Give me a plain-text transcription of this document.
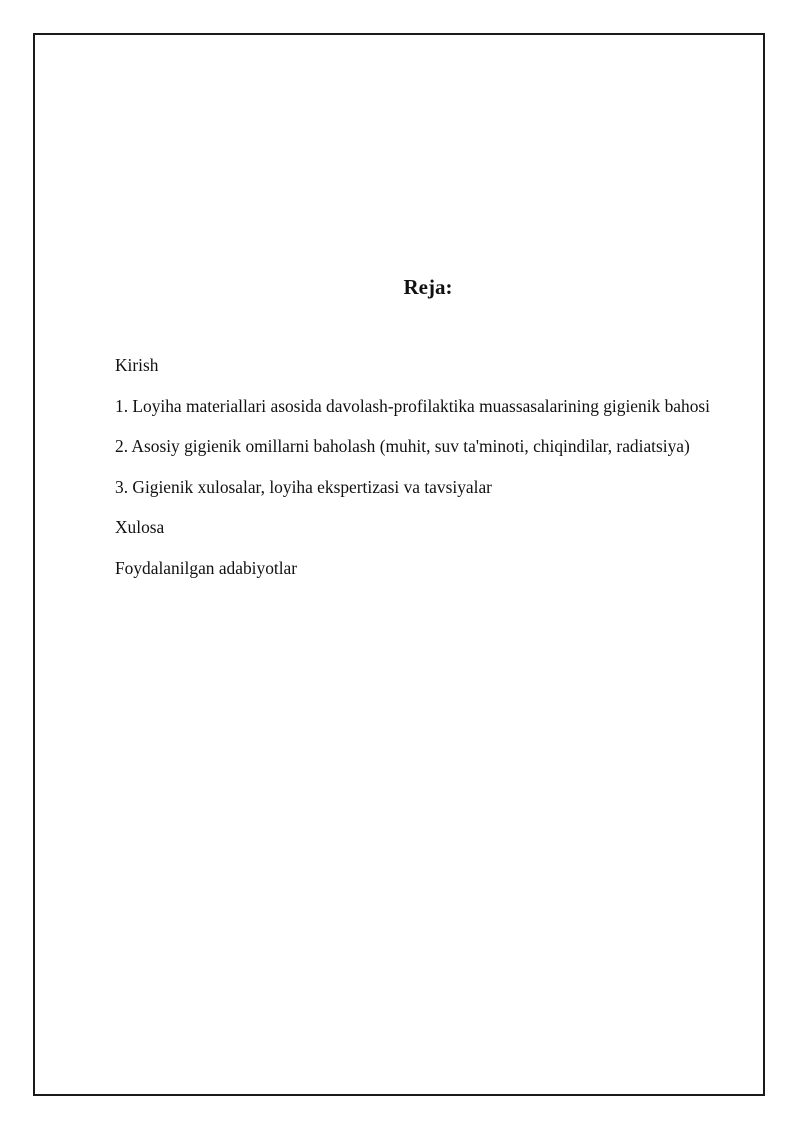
Reja:
Kirish
1. Loyiha materiallari asosida davolash-profilaktika muassasalarining gigienik bahosi
2. Asosiy gigienik omillarni baholash (muhit, suv ta'minoti, chiqindilar, radiatsiya)
3. Gigienik xulosalar, loyiha ekspertizasi va tavsiyalar
Xulosa
Foydalanilgan adabiyotlar
